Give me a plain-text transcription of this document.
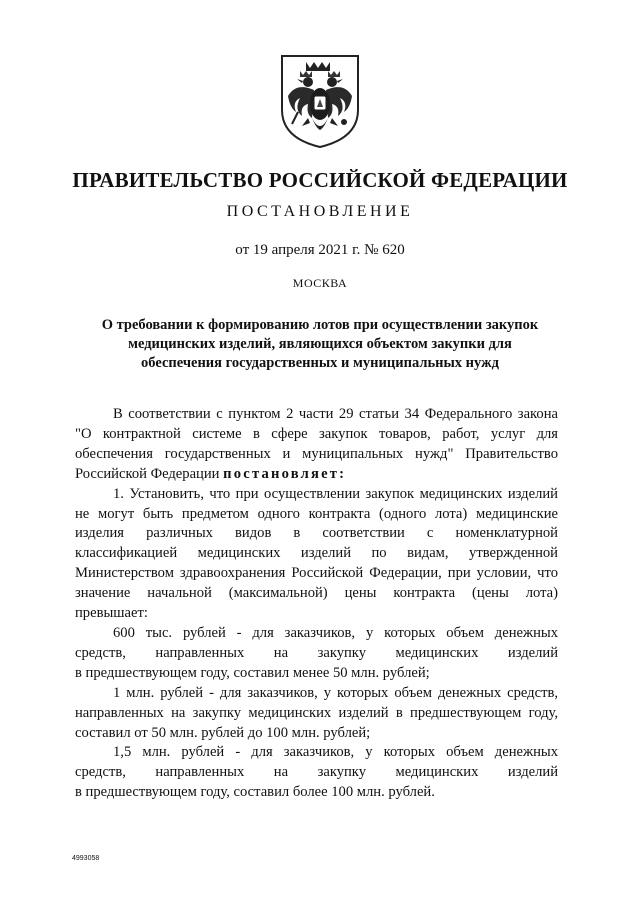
ПРАВИТЕЛЬСТВО РОССИЙСКОЙ ФЕДЕРАЦИИ
ПОСТАНОВЛЕНИЕ
от 19 апреля 2021 г. № 620
МОСКВА
О требовании к формированию лотов при осуществлении закупок
медицинских изделий, являющихся объектом закупки для
обеспечения государственных и муниципальных нужд

В соответствии с пунктом 2 части 29 статьи 34 Федерального закона
"О контрактной системе в сфере закупок товаров, работ, услуг для
обеспечения государственных и муниципальных нужд" Правительство
Российской Федерации постановляет:

1. Установить, что при осуществлении закупок медицинских изделий
не могут быть предметом одного контракта (одного лота) медицинские
изделия различных видов в соответствии с номенклатурной
классификацией медицинских изделий по видам, утвержденной
Министерством здравоохранения Российской Федерации, при условии, что
значение начальной (максимальной) цены контракта (цены лота)
превышает:

600 тыс. рублей - для заказчиков, у которых объем денежных
средств, направленных на закупку медицинских изделий
в предшествующем году, составил менее 50 млн. рублей;

1 млн. рублей - для заказчиков, у которых объем денежных средств,
направленных на закупку медицинских изделий в предшествующем году,
составил от 50 млн. рублей до 100 млн. рублей;

1,5 млн. рублей - для заказчиков, у которых объем денежных
средств, направленных на закупку медицинских изделий
в предшествующем году, составил более 100 млн. рублей.

4993058
